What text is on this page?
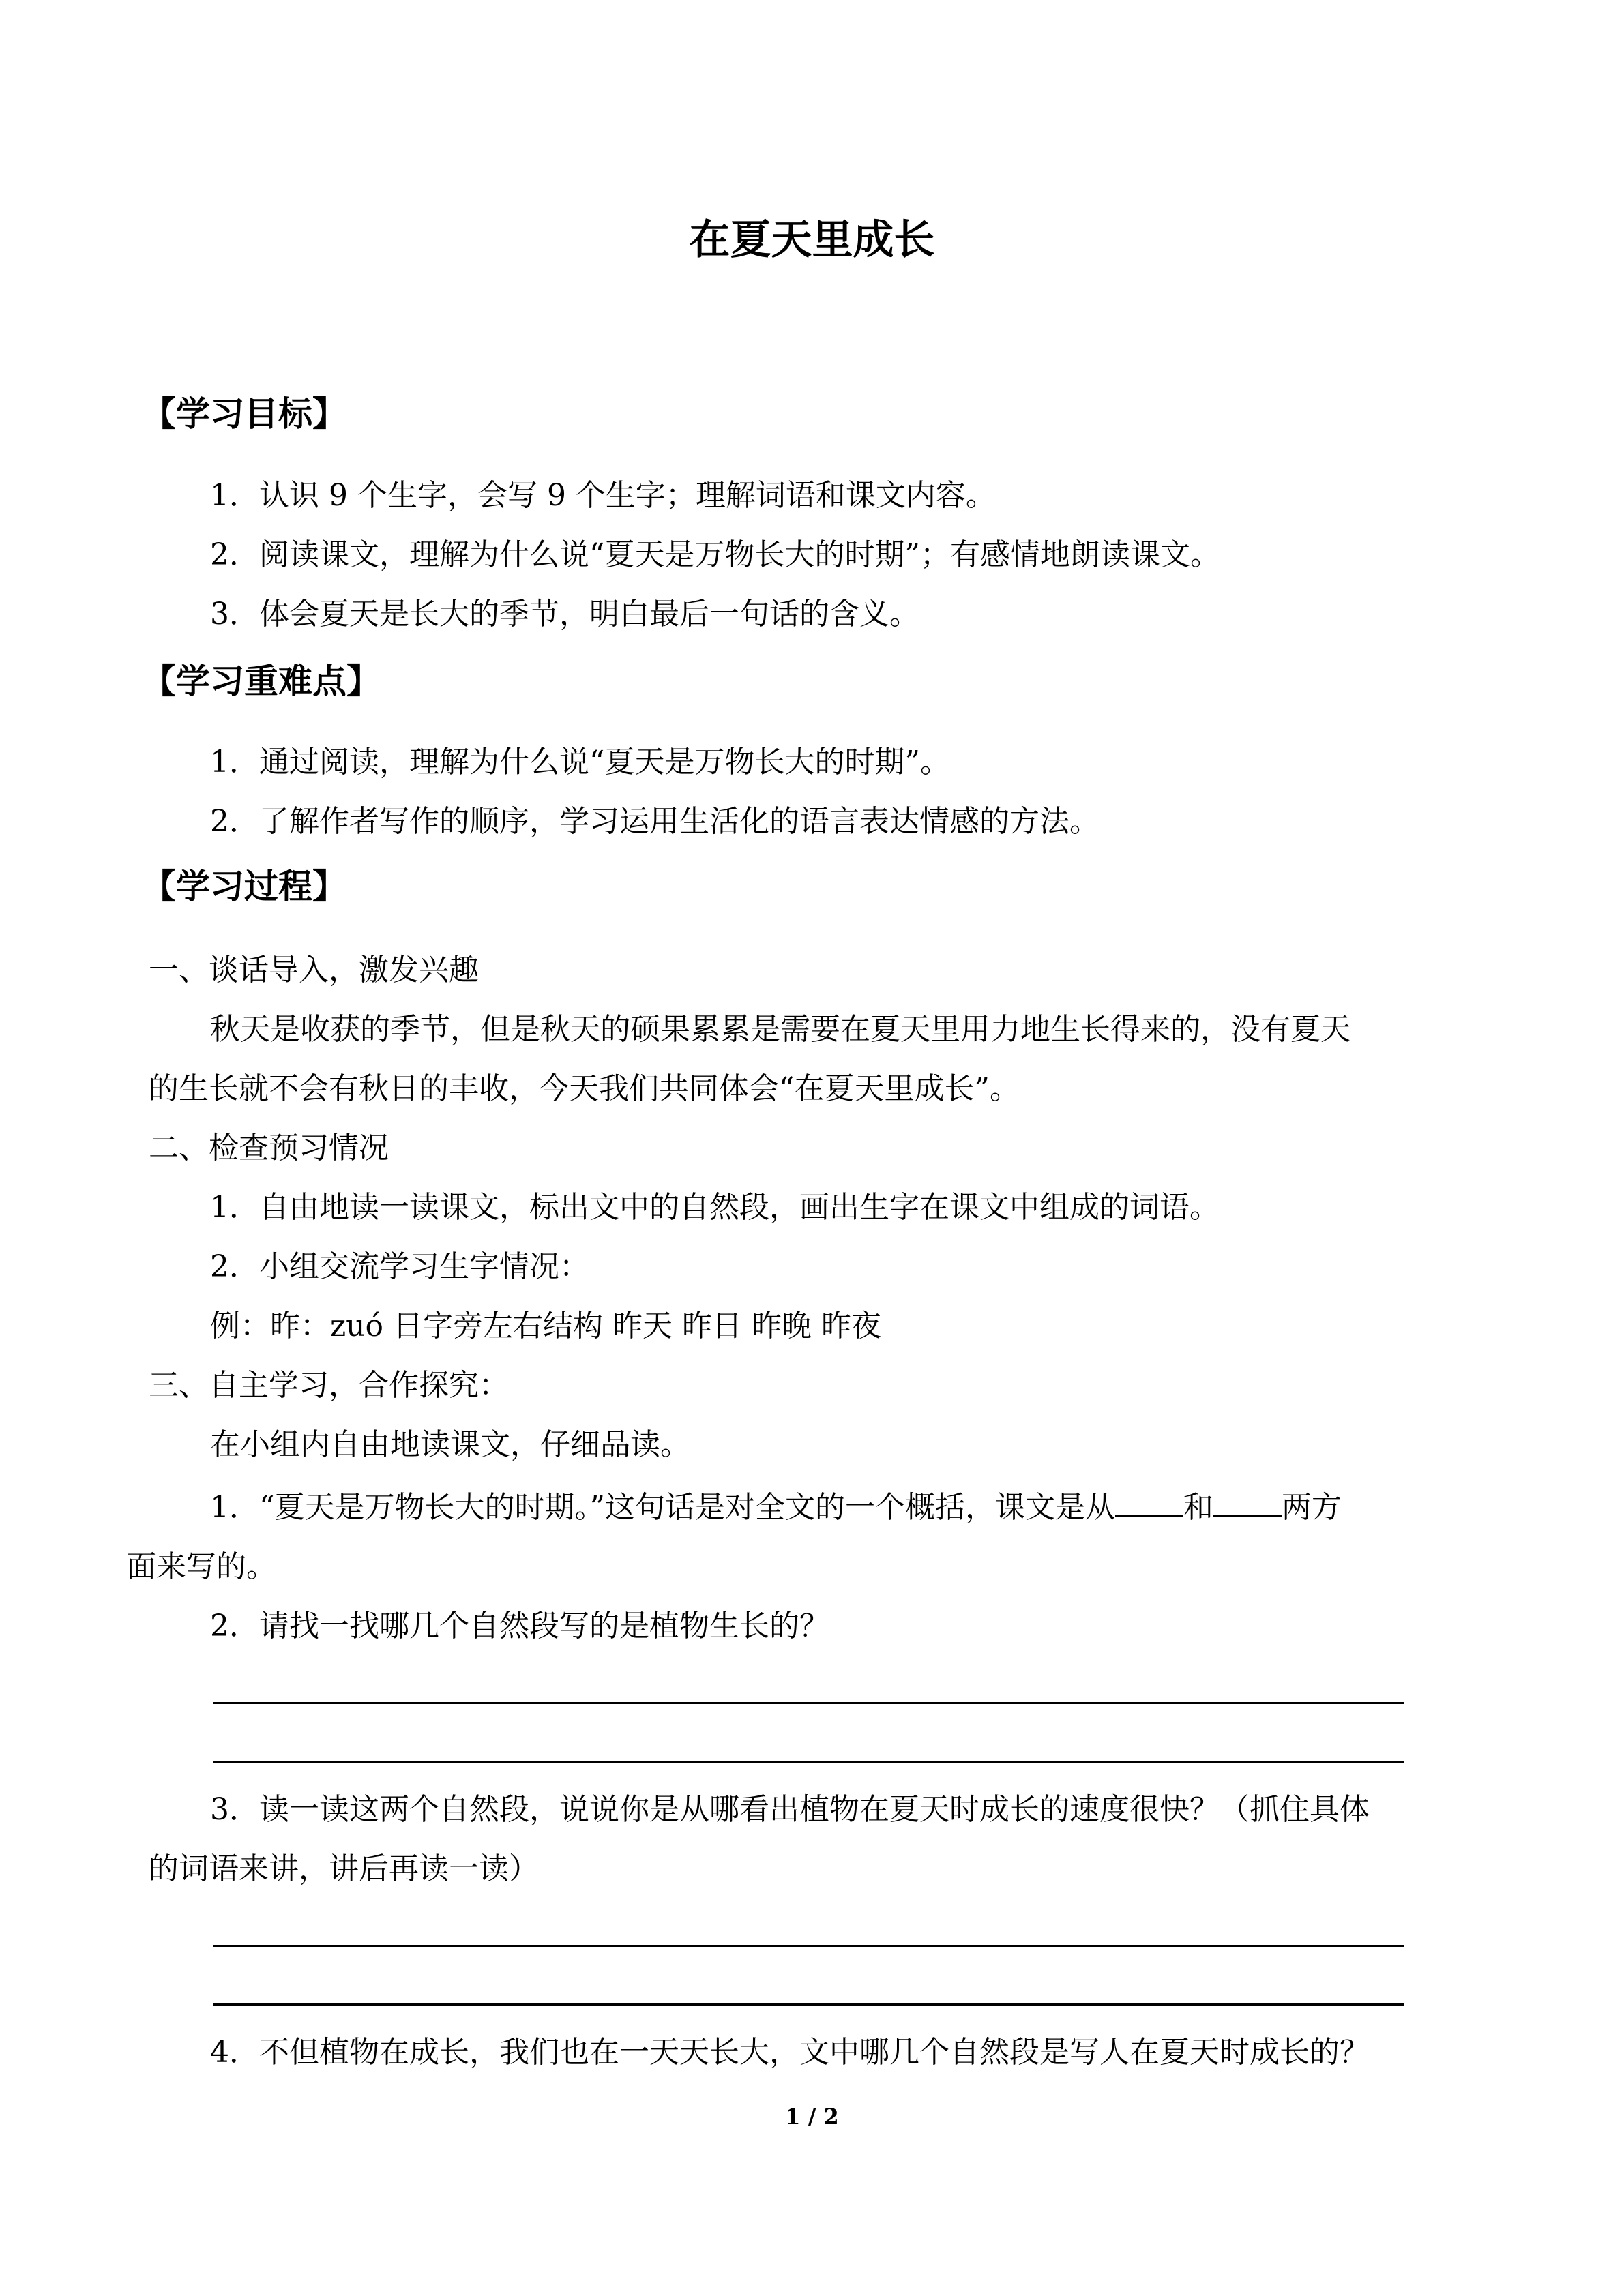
在夏天里成长
【学习目标】
1．认识 9 个生字，会写 9 个生字；理解词语和课文内容。
2．阅读课文，理解为什么说“夏天是万物长大的时期”；有感情地朗读课文。
3．体会夏天是长大的季节，明白最后一句话的含义。
【学习重难点】
1．通过阅读，理解为什么说“夏天是万物长大的时期”。
2．了解作者写作的顺序，学习运用生活化的语言表达情感的方法。
【学习过程】
一、谈话导入，激发兴趣
秋天是收获的季节，但是秋天的硕果累累是需要在夏天里用力地生长得来的，没有夏天
的生长就不会有秋日的丰收，今天我们共同体会“在夏天里成长”。
二、检查预习情况
1．自由地读一读课文，标出文中的自然段，画出生字在课文中组成的词语。
2．小组交流学习生字情况：
例：昨：zuó 日字旁左右结构 昨天 昨日 昨晚 昨夜
三、自主学习，合作探究：
在小组内自由地读课文，仔细品读。
1．“夏天是万物长大的时期。”这句话是对全文的一个概括，课文是从 和 两方
面来写的。
2．请找一找哪几个自然段写的是植物生长的？
3．读一读这两个自然段，说说你是从哪看出植物在夏天时成长的速度很快？（抓住具体
的词语来讲，讲后再读一读）
4．不但植物在成长，我们也在一天天长大，文中哪几个自然段是写人在夏天时成长的？
1 / 2
